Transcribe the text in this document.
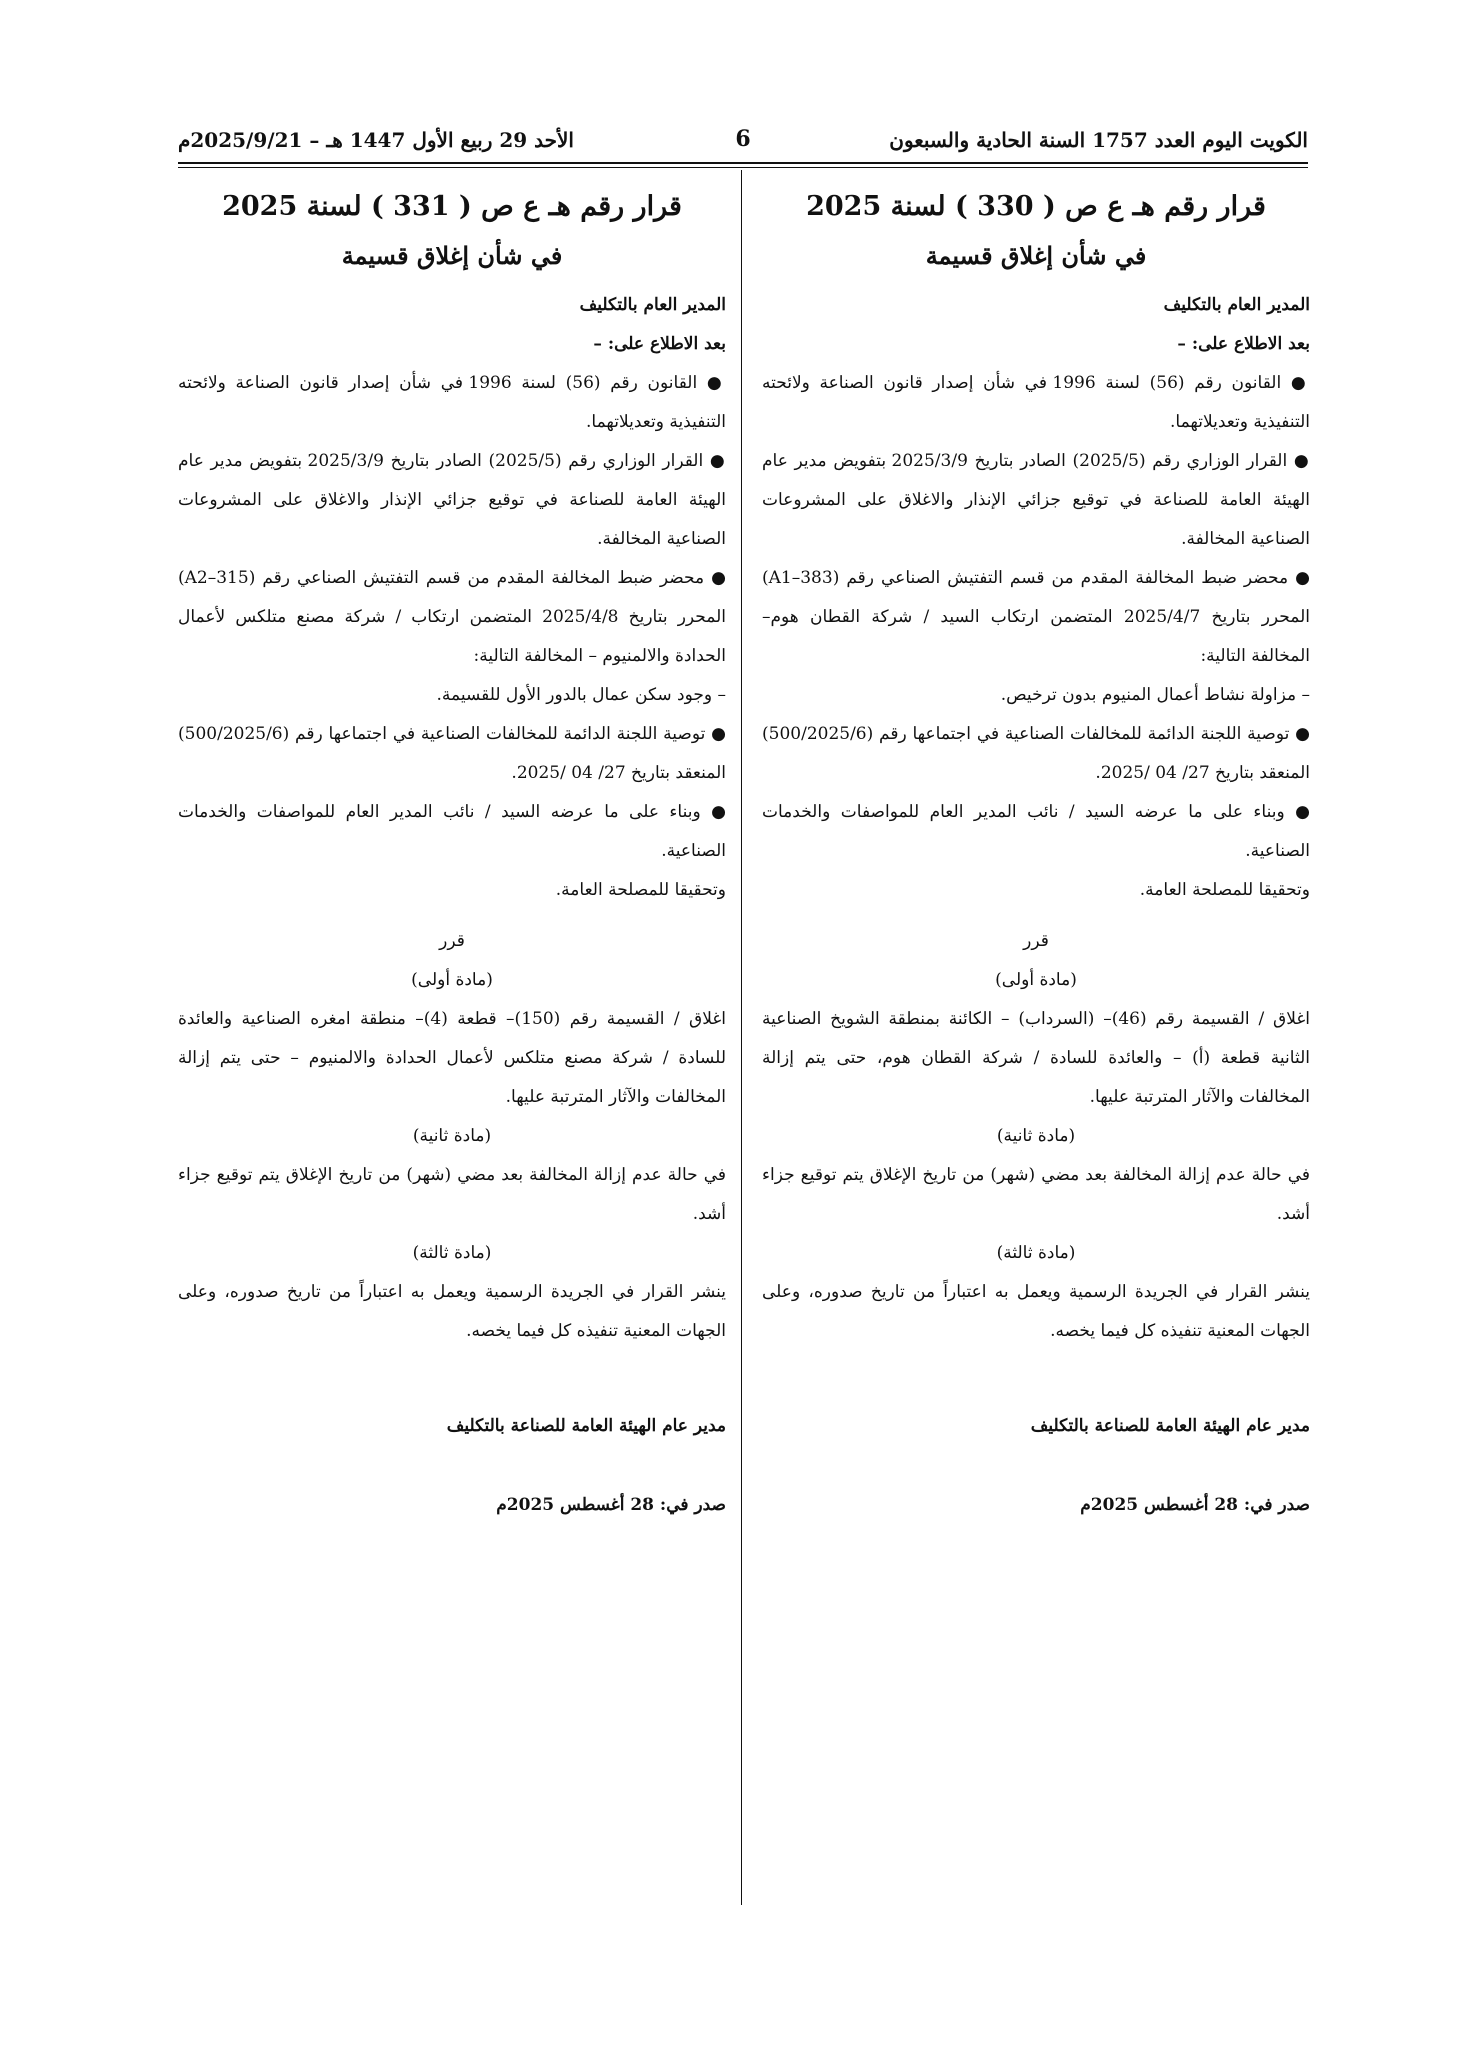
الكويت اليوم العدد 1757 السنة الحادية والسبعون
6
الأحد 29 ربيع الأول 1447 هـ – 2025/9/21م
قرار رقم هـ ع ص ( 330 ) لسنة 2025
في شأن إغلاق قسيمة

المدير العام بالتكليف

بعد الاطلاع على: –

● القانون رقم (56) لسنة 1996 في شأن إصدار قانون الصناعة ولائحته التنفيذية وتعديلاتهما.

● القرار الوزاري رقم (2025/5) الصادر بتاريخ 2025/3/9 بتفويض مدير عام الهيئة العامة للصناعة في توقيع جزائي الإنذار والاغلاق على المشروعات الصناعية المخالفة.

● محضر ضبط المخالفة المقدم من قسم التفتيش الصناعي رقم (A1–383) المحرر بتاريخ 2025/4/7 المتضمن ارتكاب السيد / شركة القطان هوم– المخالفة التالية:

– مزاولة نشاط أعمال المنيوم بدون ترخيص.

● توصية اللجنة الدائمة للمخالفات الصناعية في اجتماعها رقم (500/2025/6) المنعقد بتاريخ 27/ 04 /2025.

● وبناء على ما عرضه السيد / نائب المدير العام للمواصفات والخدمات الصناعية.

وتحقيقا للمصلحة العامة.

قرر

(مادة أولى)

اغلاق / القسيمة رقم (46)– (السرداب) – الكائنة بمنطقة الشويخ الصناعية الثانية قطعة (أ) – والعائدة للسادة / شركة القطان هوم، حتى يتم إزالة المخالفات والآثار المترتبة عليها.

(مادة ثانية)

في حالة عدم إزالة المخالفة بعد مضي (شهر) من تاريخ الإغلاق يتم توقيع جزاء أشد.

(مادة ثالثة)

ينشر القرار في الجريدة الرسمية ويعمل به اعتباراً من تاريخ صدوره، وعلى الجهات المعنية تنفيذه كل فيما يخصه.

مدير عام الهيئة العامة للصناعة بالتكليف

صدر في: 28 أغسطس 2025م

قرار رقم هـ ع ص ( 331 ) لسنة 2025
في شأن إغلاق قسيمة

المدير العام بالتكليف

بعد الاطلاع على: –

● القانون رقم (56) لسنة 1996 في شأن إصدار قانون الصناعة ولائحته التنفيذية وتعديلاتهما.

● القرار الوزاري رقم (2025/5) الصادر بتاريخ 2025/3/9 بتفويض مدير عام الهيئة العامة للصناعة في توقيع جزائي الإنذار والاغلاق على المشروعات الصناعية المخالفة.

● محضر ضبط المخالفة المقدم من قسم التفتيش الصناعي رقم (A2–315) المحرر بتاريخ 2025/4/8 المتضمن ارتكاب / شركة مصنع متلكس لأعمال الحدادة والالمنيوم – المخالفة التالية:

– وجود سكن عمال بالدور الأول للقسيمة.

● توصية اللجنة الدائمة للمخالفات الصناعية في اجتماعها رقم (500/2025/6) المنعقد بتاريخ 27/ 04 /2025.

● وبناء على ما عرضه السيد / نائب المدير العام للمواصفات والخدمات الصناعية.

وتحقيقا للمصلحة العامة.

قرر

(مادة أولى)

اغلاق / القسيمة رقم (150)– قطعة (4)– منطقة امغره الصناعية والعائدة للسادة / شركة مصنع متلكس لأعمال الحدادة والالمنيوم – حتى يتم إزالة المخالفات والآثار المترتبة عليها.

(مادة ثانية)

في حالة عدم إزالة المخالفة بعد مضي (شهر) من تاريخ الإغلاق يتم توقيع جزاء أشد.

(مادة ثالثة)

ينشر القرار في الجريدة الرسمية ويعمل به اعتباراً من تاريخ صدوره، وعلى الجهات المعنية تنفيذه كل فيما يخصه.

مدير عام الهيئة العامة للصناعة بالتكليف

صدر في: 28 أغسطس 2025م
